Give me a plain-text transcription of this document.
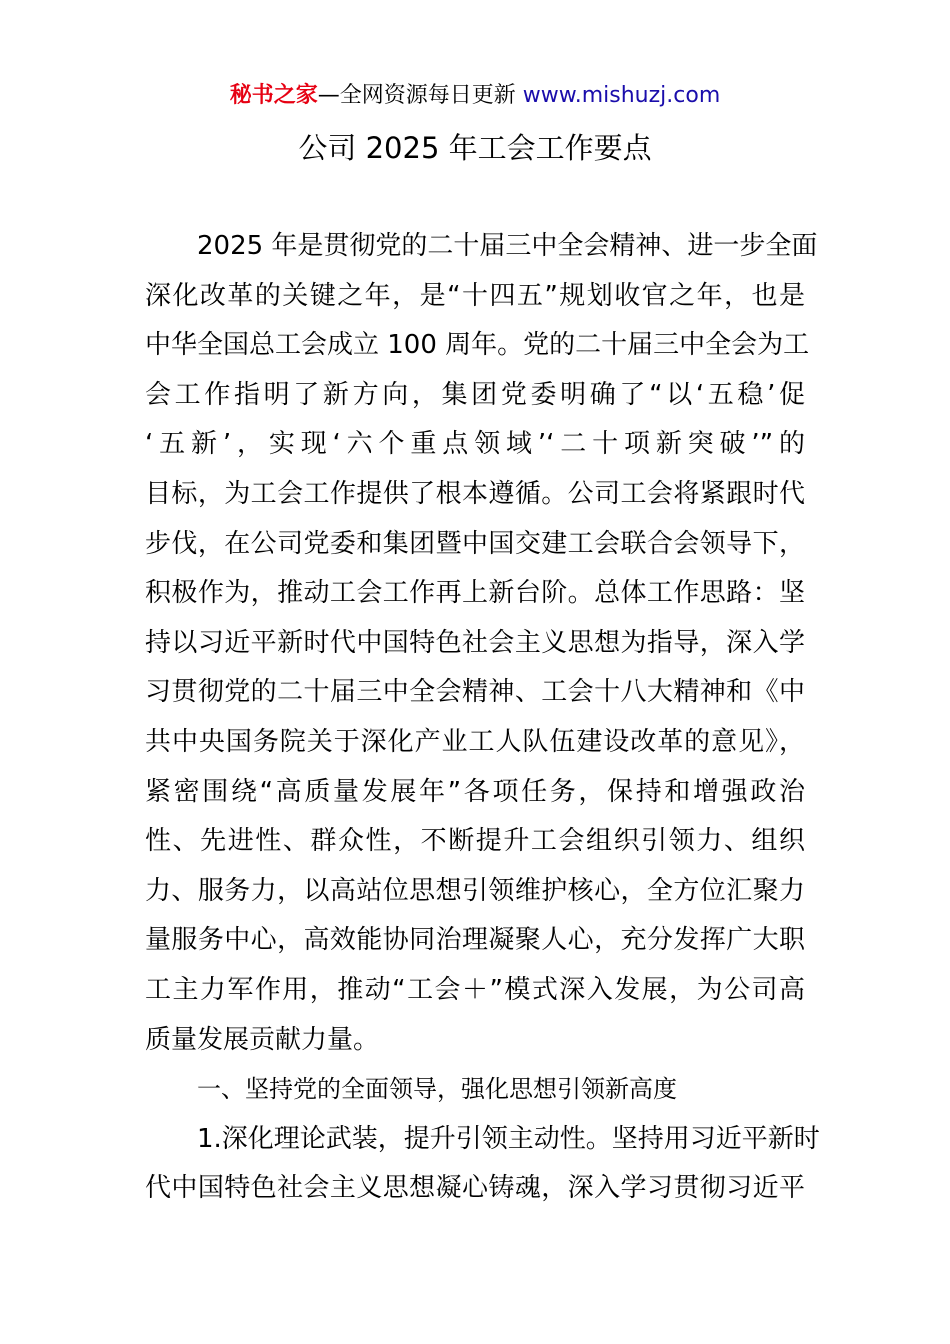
秘书之家—全网资源每日更新 www.mishuzj.com
公司 2025 年工会工作要点
2025 年是贯彻党的二十届三中全会精神、进一步全面
深化改革的关键之年，是“十四五”规划收官之年，也是
中华全国总工会成立 100 周年。党的二十届三中全会为工
会工作指明了新方向，集团党委明确了“以‘五稳’促
‘五新’，实现‘六个重点领域’‘二十项新突破’”的
目标，为工会工作提供了根本遵循。公司工会将紧跟时代
步伐，在公司党委和集团暨中国交建工会联合会领导下，
积极作为，推动工会工作再上新台阶。总体工作思路：坚
持以习近平新时代中国特色社会主义思想为指导，深入学
习贯彻党的二十届三中全会精神、工会十八大精神和《中
共中央国务院关于深化产业工人队伍建设改革的意见》，
紧密围绕“高质量发展年”各项任务，保持和增强政治
性、先进性、群众性，不断提升工会组织引领力、组织
力、服务力，以高站位思想引领维护核心，全方位汇聚力
量服务中心，高效能协同治理凝聚人心，充分发挥广大职
工主力军作用，推动“工会＋”模式深入发展，为公司高
质量发展贡献力量。
一、坚持党的全面领导，强化思想引领新高度
1.深化理论武装，提升引领主动性。坚持用习近平新时
代中国特色社会主义思想凝心铸魂，深入学习贯彻习近平
